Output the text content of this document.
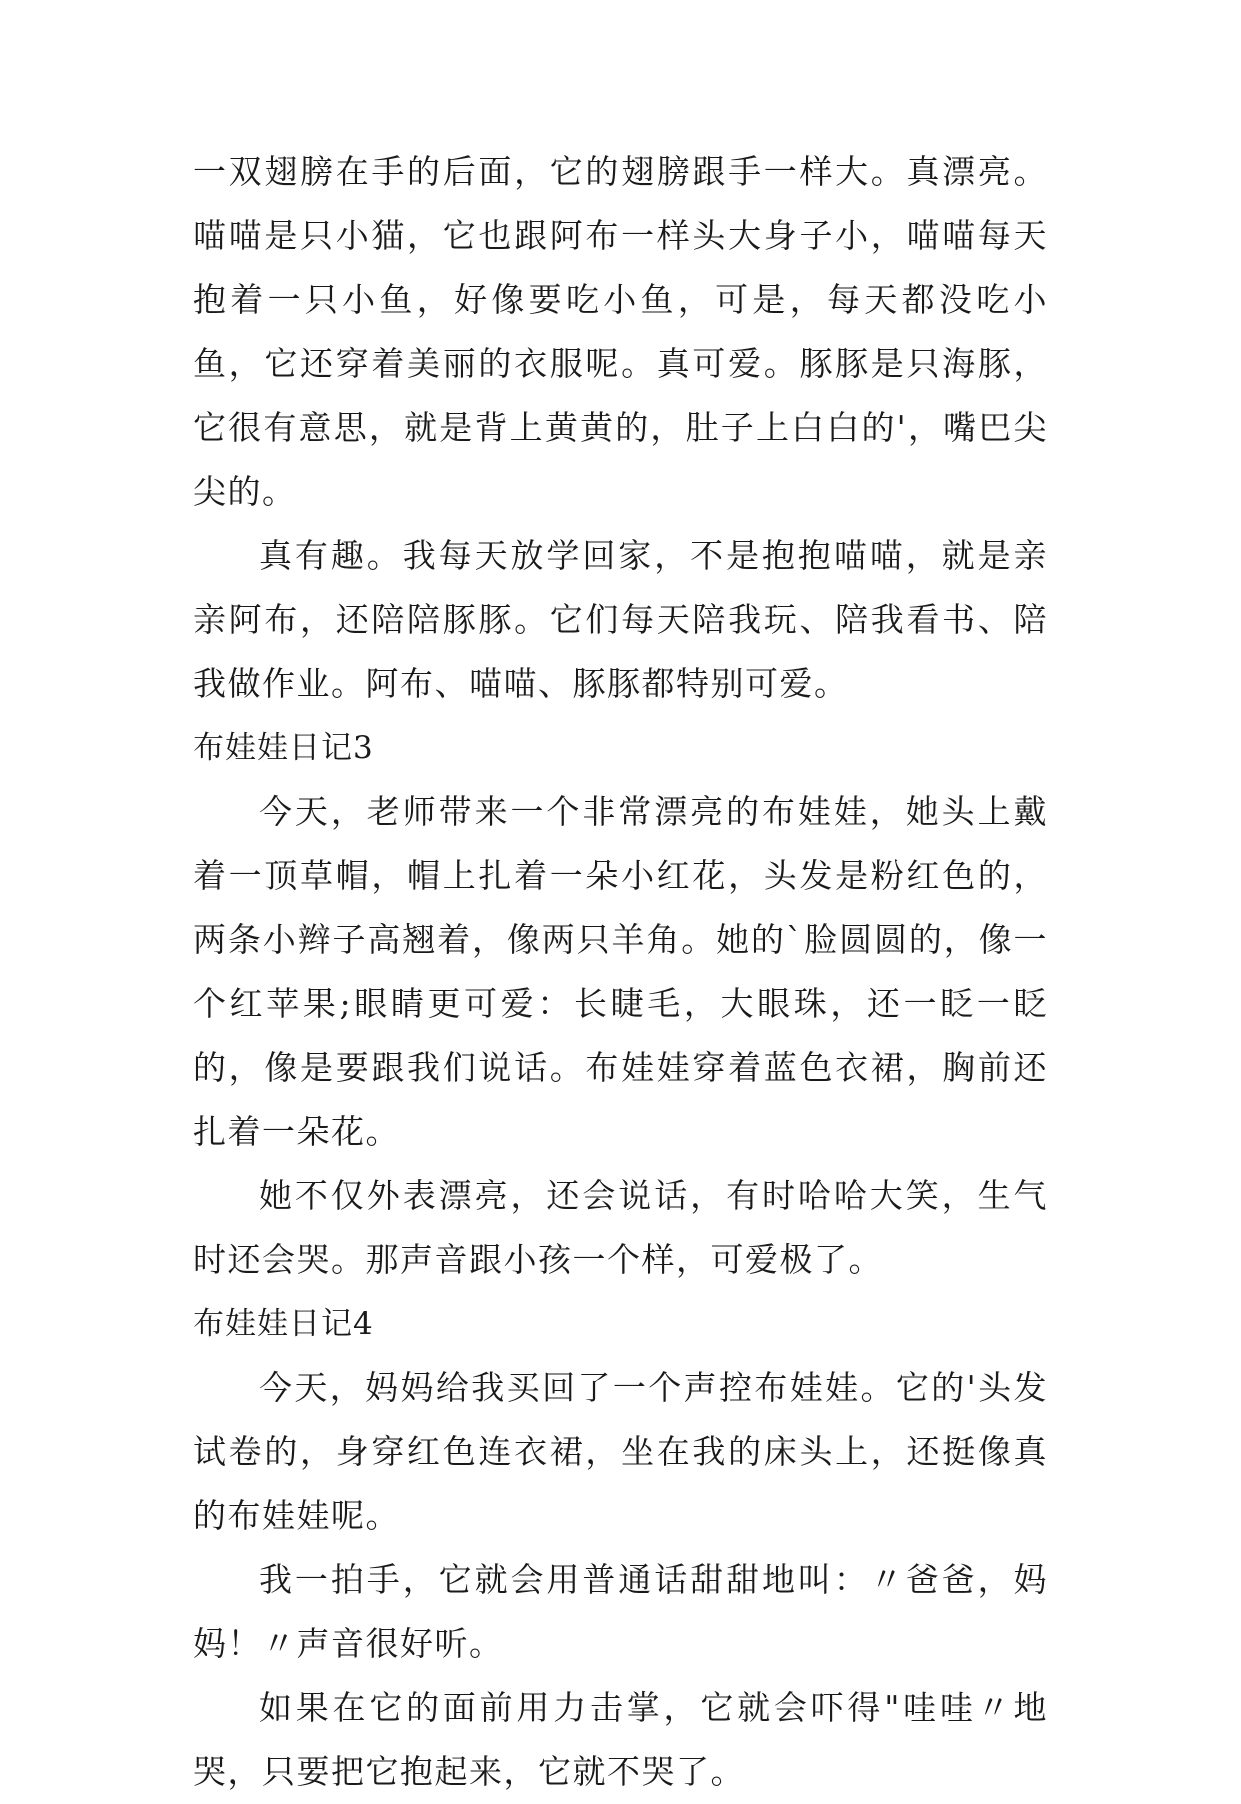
一双翅膀在手的后面，它的翅膀跟手一样大。真漂亮。喵喵是只小猫，它也跟阿布一样头大身子小，喵喵每天抱着一只小鱼，好像要吃小鱼，可是，每天都没吃小鱼，它还穿着美丽的衣服呢。真可爱。豚豚是只海豚，它很有意思，就是背上黄黄的，肚子上白白的'，嘴巴尖尖的。

真有趣。我每天放学回家，不是抱抱喵喵，就是亲亲阿布，还陪陪豚豚。它们每天陪我玩、陪我看书、陪我做作业。阿布、喵喵、豚豚都特别可爱。

布娃娃日记3

今天，老师带来一个非常漂亮的布娃娃，她头上戴着一顶草帽，帽上扎着一朵小红花，头发是粉红色的，两条小辫子高翘着，像两只羊角。她的`脸圆圆的，像一个红苹果;眼睛更可爱：长睫毛，大眼珠，还一眨一眨的，像是要跟我们说话。布娃娃穿着蓝色衣裙，胸前还扎着一朵花。

她不仅外表漂亮，还会说话，有时哈哈大笑，生气时还会哭。那声音跟小孩一个样，可爱极了。

布娃娃日记4

今天，妈妈给我买回了一个声控布娃娃。它的'头发试卷的，身穿红色连衣裙，坐在我的床头上，还挺像真的布娃娃呢。

我一拍手，它就会用普通话甜甜地叫：〃爸爸，妈妈！〃声音很好听。

如果在它的面前用力击掌，它就会吓得"哇哇〃地哭，只要把它抱起来，它就不哭了。
